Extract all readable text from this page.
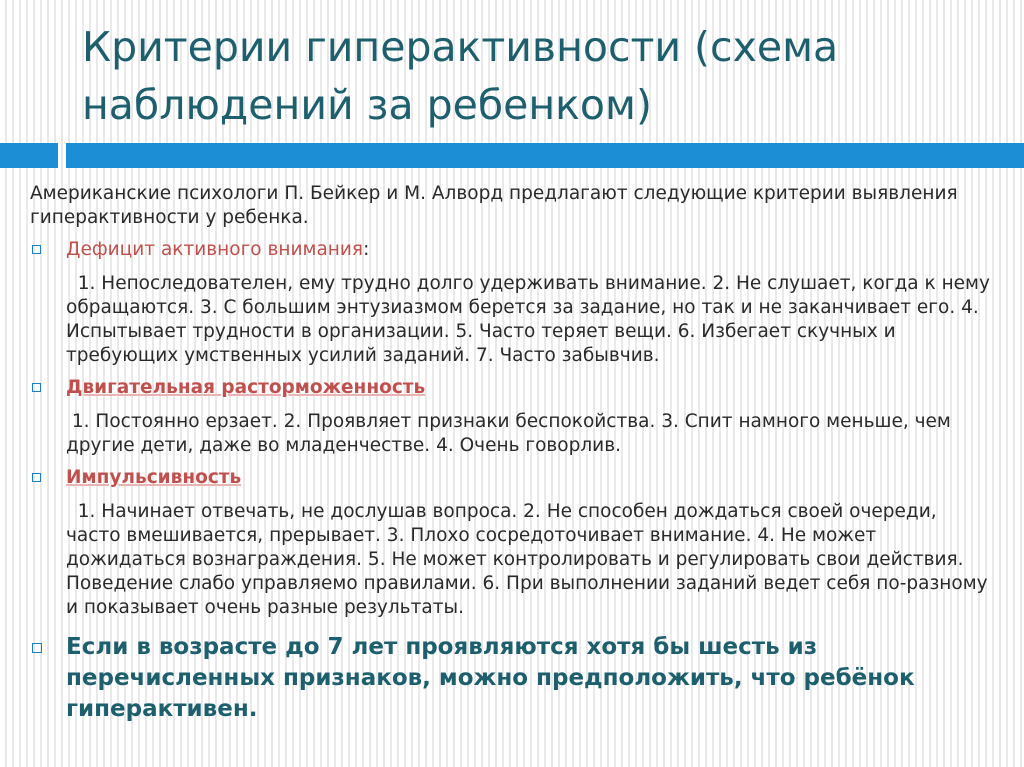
Критерии гиперактивности (схема наблюдений за ребенком)

Американские психологи П. Бейкер и М. Алворд предлагают следующие критерии выявления гиперактивности у ребенка.

Дефицит активного внимания:

1. Непоследователен, ему трудно долго удерживать внимание. 2. Не слушает, когда к нему обращаются. 3. С большим энтузиазмом берется за задание, но так и не заканчивает его. 4. Испытывает трудности в организации. 5. Часто теряет вещи. 6. Избегает скучных и требующих умственных усилий заданий. 7. Часто забывчив.

Двигательная расторможенность

1. Постоянно ерзает. 2. Проявляет признаки беспокойства. 3. Спит намного меньше, чем другие дети, даже во младенчестве. 4. Очень говорлив.

Импульсивность

1. Начинает отвечать, не дослушав вопроса. 2. Не способен дождаться своей очереди, часто вмешивается, прерывает. 3. Плохо сосредоточивает внимание. 4. Не может дожидаться вознаграждения. 5. Не может контролировать и регулировать свои действия. Поведение слабо управляемо правилами. 6. При выполнении заданий ведет себя по-разному и показывает очень разные результаты.

Если в возрасте до 7 лет проявляются хотя бы шесть из перечисленных признаков, можно предположить, что ребёнок гиперактивен.
